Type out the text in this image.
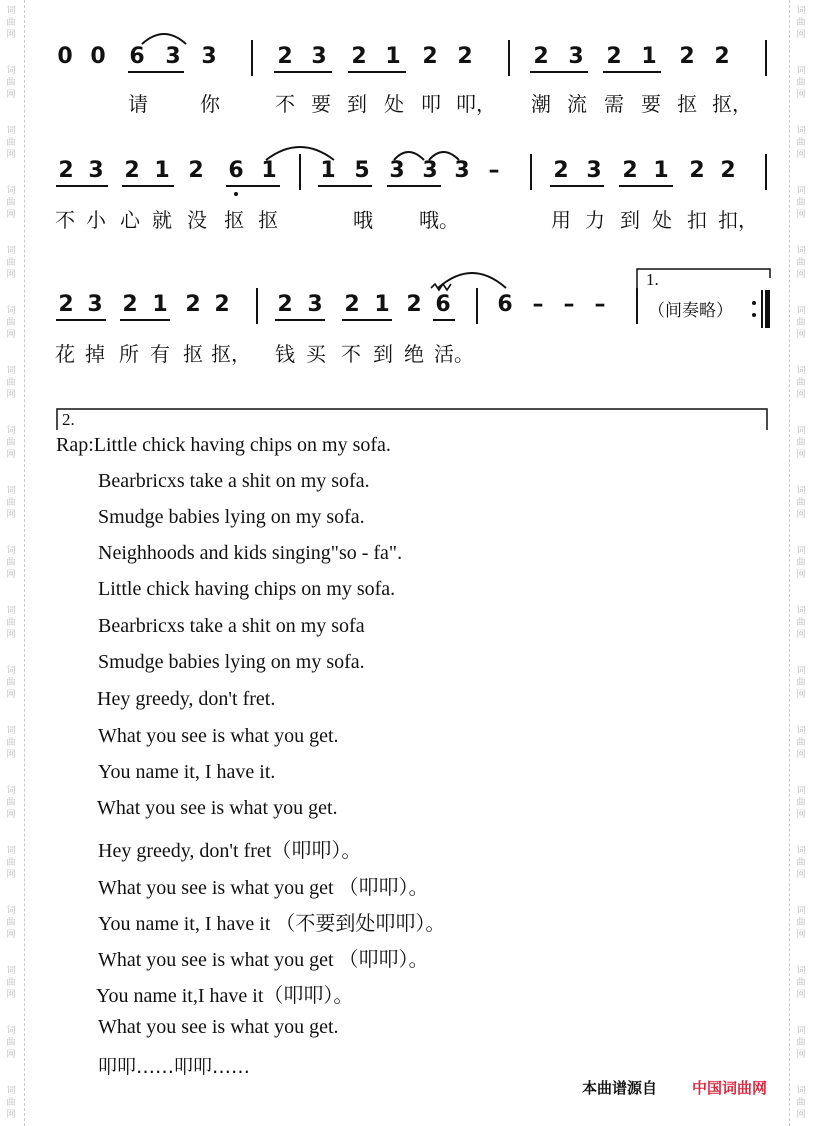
词
曲
网
词
曲
网
词
曲
网
词
曲
网
词
曲
网
词
曲
网
词
曲
网
词
曲
网
词
曲
网
词
曲
网
词
曲
网
词
曲
网
词
曲
网
词
曲
网
词
曲
网
词
曲
网
词
曲
网
词
曲
网
词
曲
网
词
曲
网
词
曲
网
词
曲
网
词
曲
网
词
曲
网
词
曲
网
词
曲
网
词
曲
网
词
曲
网
词
曲
网
词
曲
网
词
曲
网
词
曲
网
词
曲
网
词
曲
网
词
曲
网
词
曲
网
词
曲
网
词
曲
网
0 0 6 3 3	2 3 2 1 2 2	2 3 2 1 2 2
请	你	不 要 到 处 叩 叩， 潮 流 需 要 抠 抠，
2 3 2 1 2 6 1 1 5 3 3 3 – 2 3 2 1 2 2
不 小 心 就 没 抠 抠	哦 哦。	用 力 到 处 扣 扣，
2 3 2 1 2 2 2 3 2 1 2 6 6 – – –
1.
（间奏略）
花 掉 所 有 抠 抠， 钱 买 不 到 绝 活。
2.
Rap:Little chick having chips on my sofa.
Bearbricxs take a shit on my sofa.
Smudge babies lying on my sofa.
Neighhoods and kids singing"so - fa".
Little chick having chips on my sofa.
Bearbricxs take a shit on my sofa
Smudge babies lying on my sofa.
Hey greedy, don't fret.
What you see is what you get.
You name it, I have it.
What you see is what you get.
Hey greedy, don't fret（叩叩）。
What you see is what you get （叩叩）。
You name it, I have it （不要到处叩叩）。
What you see is what you get （叩叩）。
You name it,I have it（叩叩）。
What you see is what you get.
叩叩……叩叩……
本曲谱源自 中国词曲网
